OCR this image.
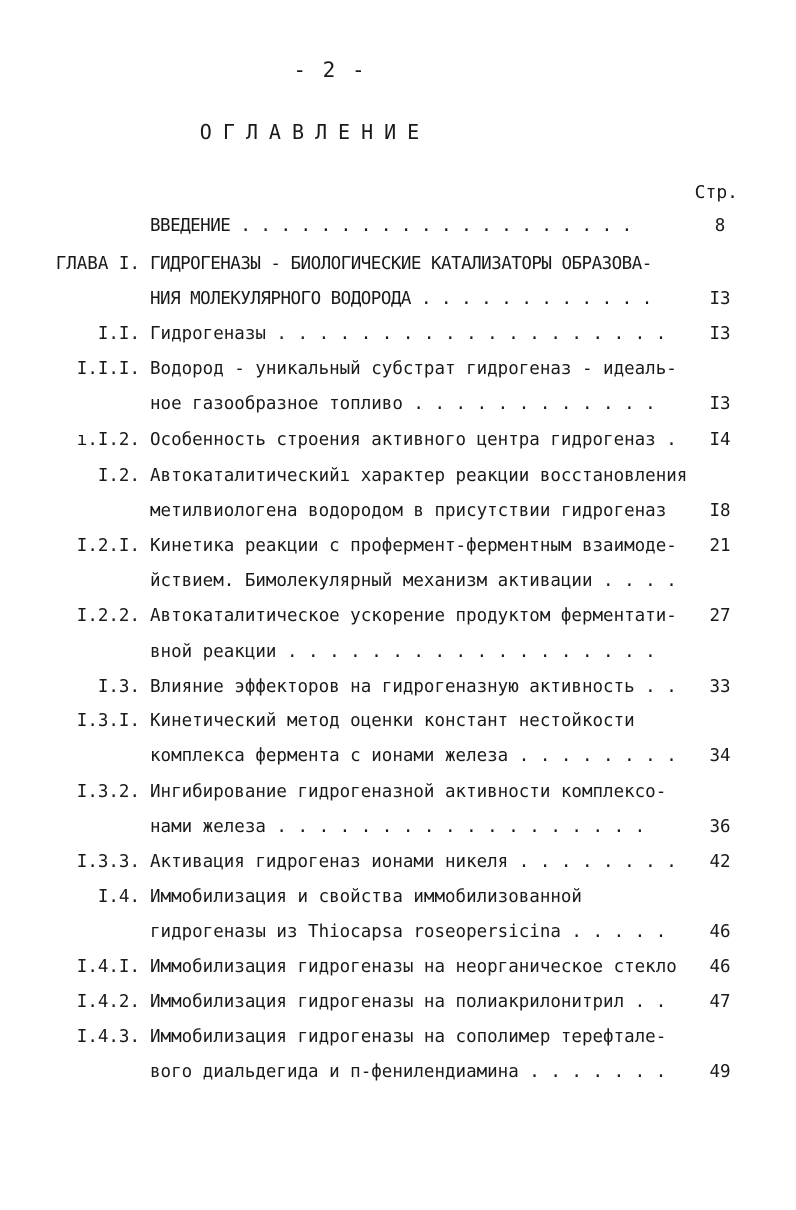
- 2 -
ОГЛАВЛЕНИЕ
Стр.
ВВЕДЕНИЕ . . . . . . . . . . . . . . . . . . . .	8
ГЛАВА I. ГИДРОГЕНАЗЫ - БИОЛОГИЧЕСКИЕ КАТАЛИЗАТОРЫ ОБРАЗОВА-
НИЯ МОЛЕКУЛЯРНОГО ВОДОРОДА . . . . . . . . . . . .	I3
I.I. Гидрогеназы . . . . . . . . . . . . . . . . . . .	I3
I.I.I. Водород - уникальный субстрат гидрогеназ - идеаль-
ное газообразное топливо . . . . . . . . . . . .	I3
ı.I.2. Особенность строения активного центра гидрогеназ .	I4
I.2. Автокаталитическийı характер реакции восстановления
метилвиологена водородом в присутствии гидрогеназ	I8
I.2.I. Кинетика реакции с профермент-ферментным взаимоде-	21
йствием. Бимолекулярный механизм активации . . . .
I.2.2. Автокаталитическое ускорение продуктом ферментати-	27
вной реакции . . . . . . . . . . . . . . . . . .
I.3. Влияние эффекторов на гидрогеназную активность . .	33
I.3.I. Кинетический метод оценки констант нестойкости
комплекса фермента с ионами железа . . . . . . . .	34
I.3.2. Ингибирование гидрогеназной активности комплексо-
нами железа . . . . . . . . . . . . . . . . . .	36
I.3.3. Активация гидрогеназ ионами никеля . . . . . . . .	42
I.4. Иммобилизация и свойства иммобилизованной
гидрогеназы из Thiocapsa roseopersicina . . . . .	46
I.4.I. Иммобилизация гидрогеназы на неорганическое стекло	46
I.4.2. Иммобилизация гидрогеназы на полиакрилонитрил . .	47
I.4.3. Иммобилизация гидрогеназы на сополимер терефтале-
вого диальдегида и п-фенилендиамина . . . . . . .	49
